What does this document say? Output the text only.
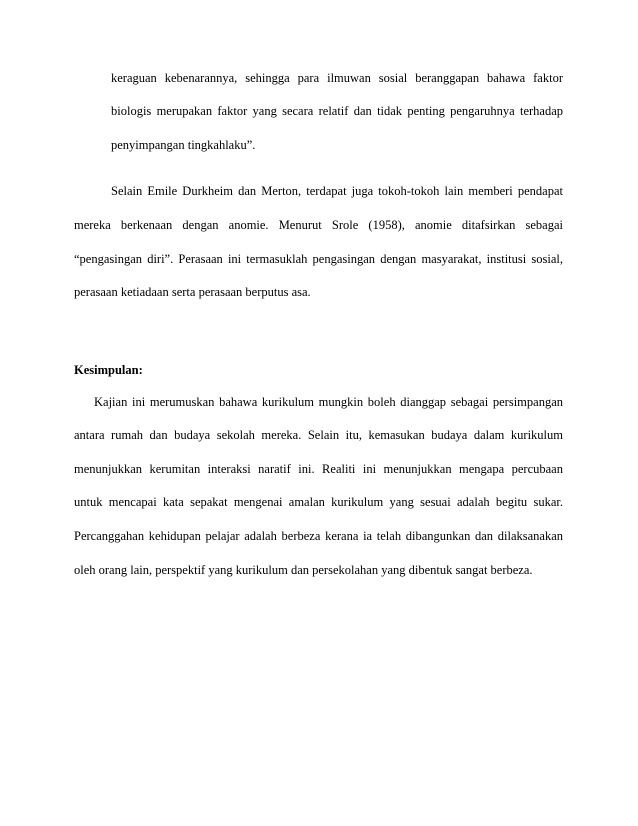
keraguan kebenarannya, sehingga para ilmuwan sosial beranggapan bahawa faktor
biologis merupakan faktor yang secara relatif dan tidak penting pengaruhnya terhadap
penyimpangan tingkahlaku”.
Selain Emile Durkheim dan Merton, terdapat juga tokoh-tokoh lain memberi pendapat
mereka berkenaan dengan anomie. Menurut Srole (1958), anomie ditafsirkan sebagai
“pengasingan diri”. Perasaan ini termasuklah pengasingan dengan masyarakat, institusi sosial,
perasaan ketiadaan serta perasaan berputus asa.
Kesimpulan:
Kajian ini merumuskan bahawa kurikulum mungkin boleh dianggap sebagai persimpangan
antara rumah dan budaya sekolah mereka. Selain itu, kemasukan budaya dalam kurikulum
menunjukkan kerumitan interaksi naratif ini. Realiti ini menunjukkan mengapa percubaan
untuk mencapai kata sepakat mengenai amalan kurikulum yang sesuai adalah begitu sukar.
Percanggahan kehidupan pelajar adalah berbeza kerana ia telah dibangunkan dan dilaksanakan
oleh orang lain, perspektif yang kurikulum dan persekolahan yang dibentuk sangat berbeza.
